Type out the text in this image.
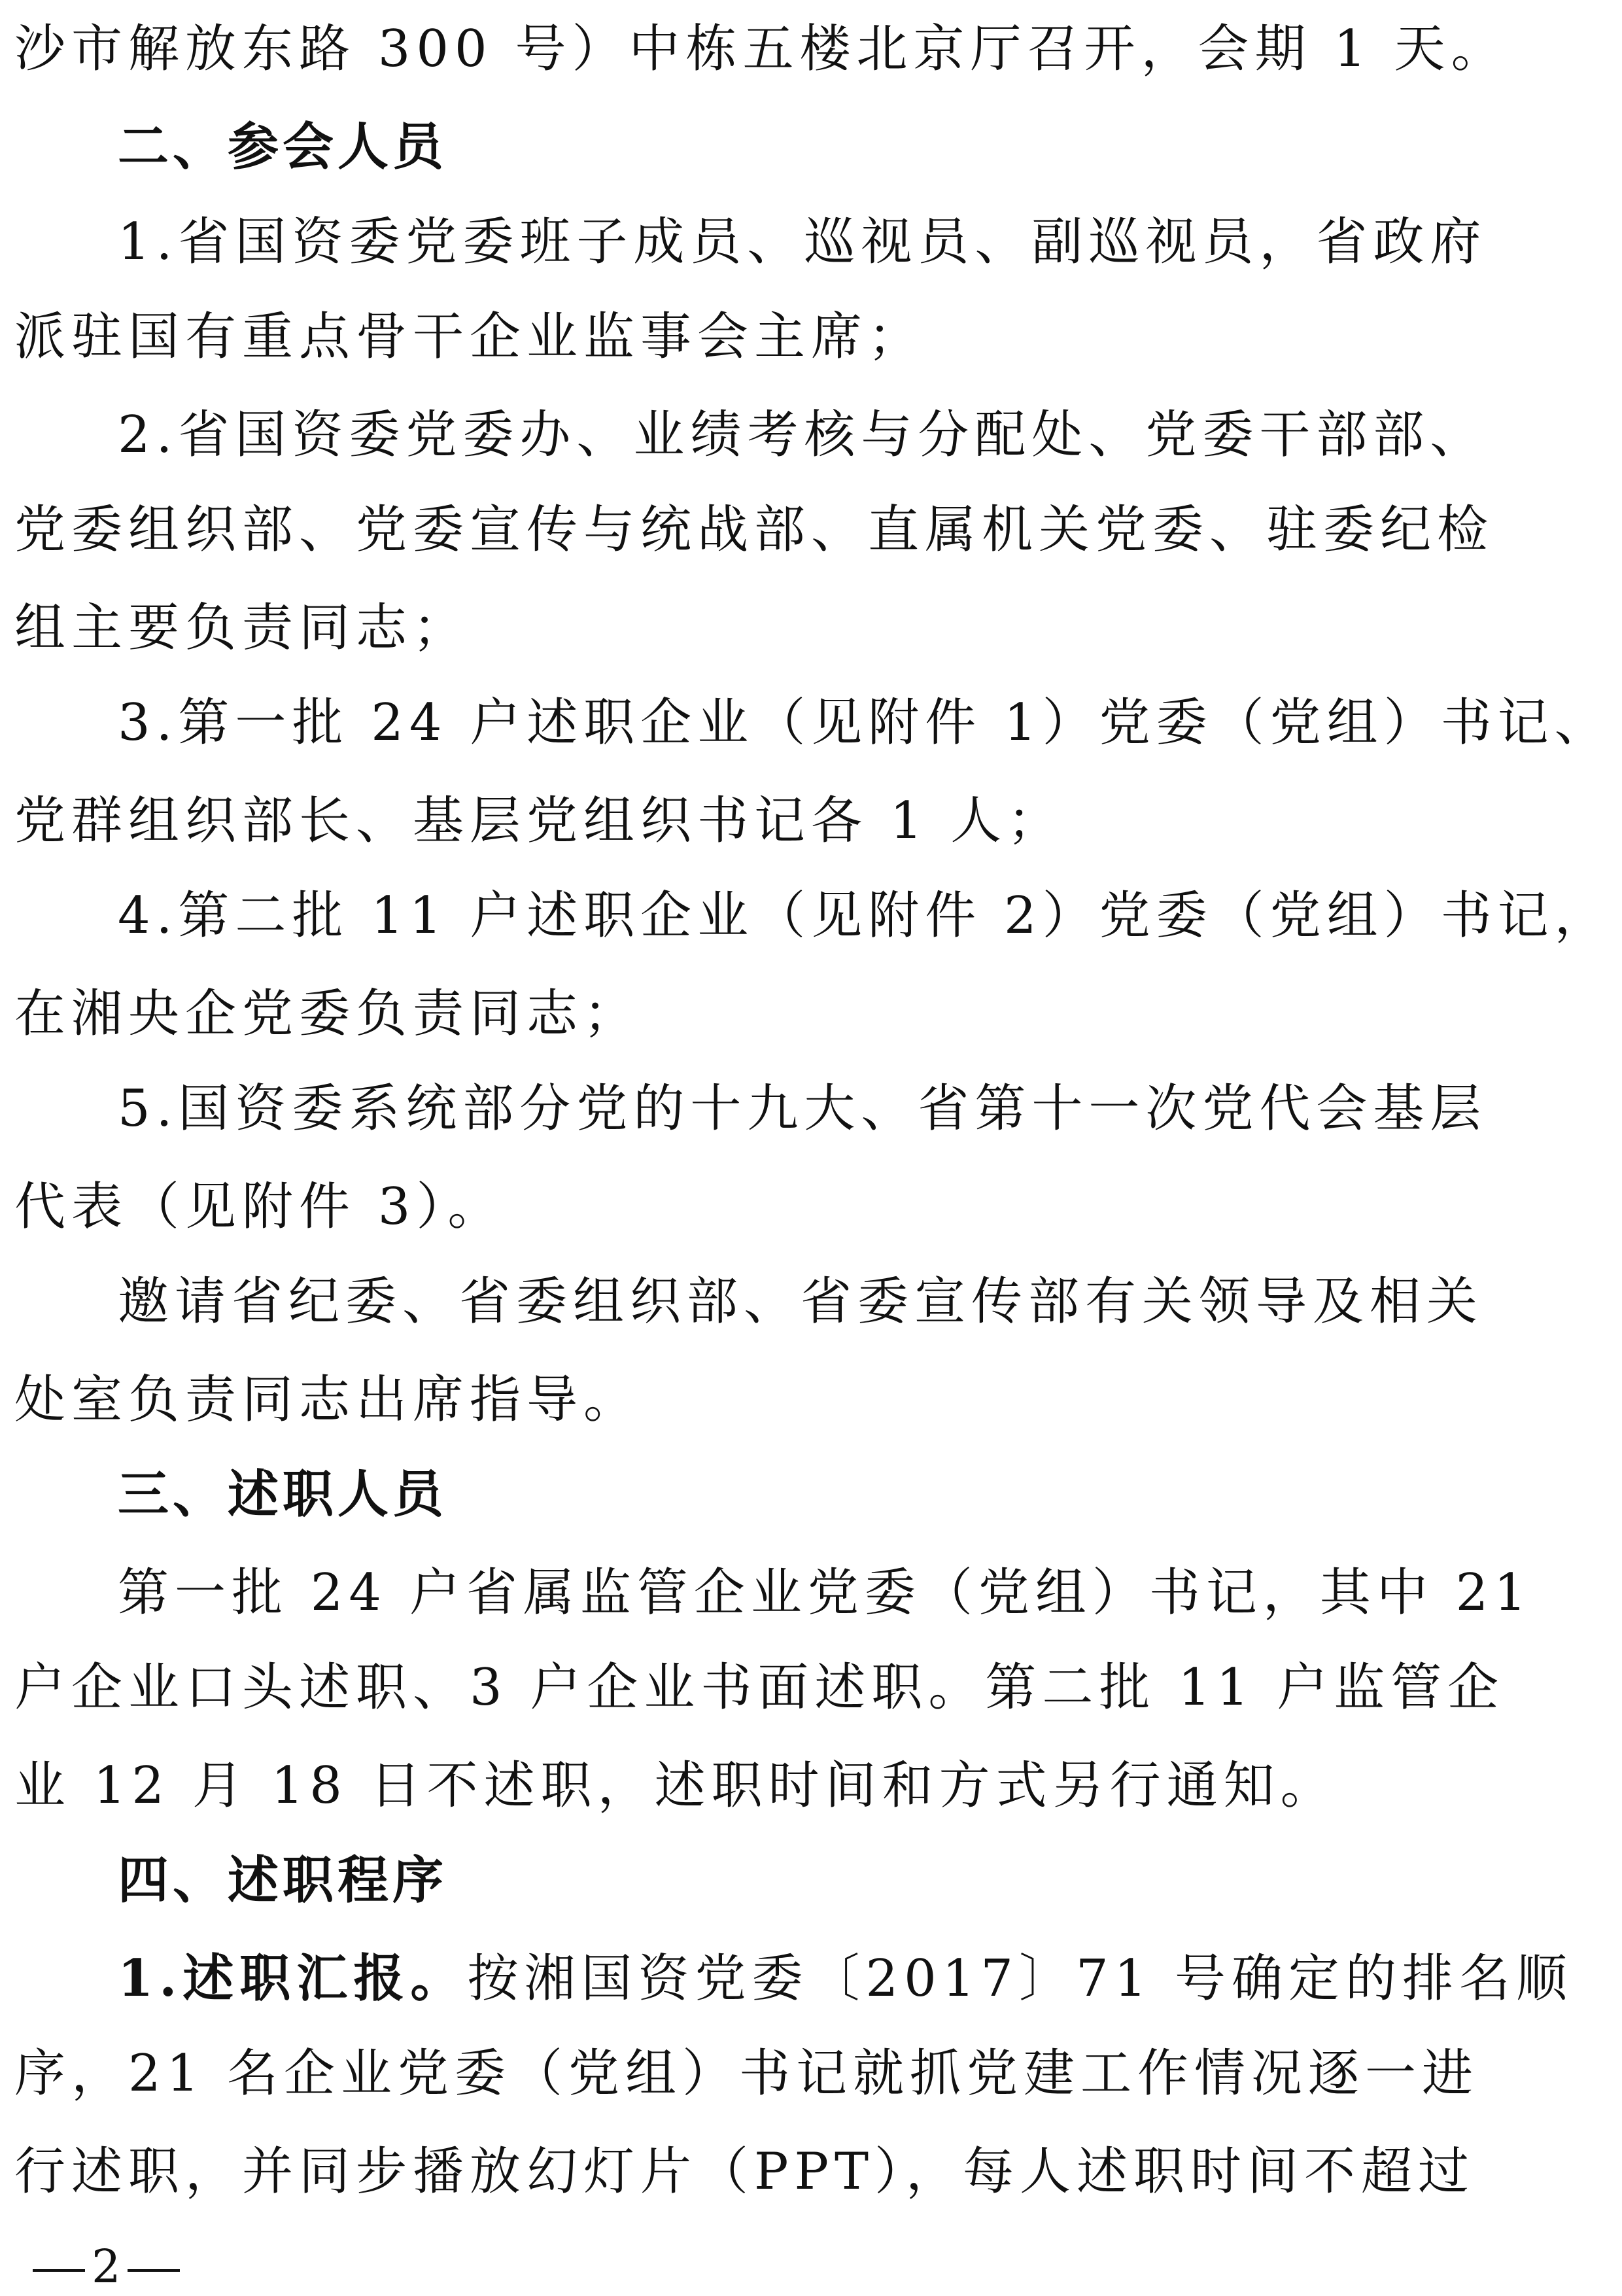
沙市解放东路 300 号）中栋五楼北京厅召开，会期 1 天。
二、参会人员
1.省国资委党委班子成员、巡视员、副巡视员，省政府
派驻国有重点骨干企业监事会主席；
2.省国资委党委办、业绩考核与分配处、党委干部部、
党委组织部、党委宣传与统战部、直属机关党委、驻委纪检
组主要负责同志；
3.第一批 24 户述职企业（见附件 1）党委（党组）书记、
党群组织部长、基层党组织书记各 1 人；
4.第二批 11 户述职企业（见附件 2）党委（党组）书记，
在湘央企党委负责同志；
5.国资委系统部分党的十九大、省第十一次党代会基层
代表（见附件 3）。
邀请省纪委、省委组织部、省委宣传部有关领导及相关
处室负责同志出席指导。
三、述职人员
第一批 24 户省属监管企业党委（党组）书记，其中 21
户企业口头述职、3 户企业书面述职。第二批 11 户监管企
业 12 月 18 日不述职，述职时间和方式另行通知。
四、述职程序
1.述职汇报。按湘国资党委〔2017〕71 号确定的排名顺
序，21 名企业党委（党组）书记就抓党建工作情况逐一进
行述职，并同步播放幻灯片（PPT），每人述职时间不超过
2
